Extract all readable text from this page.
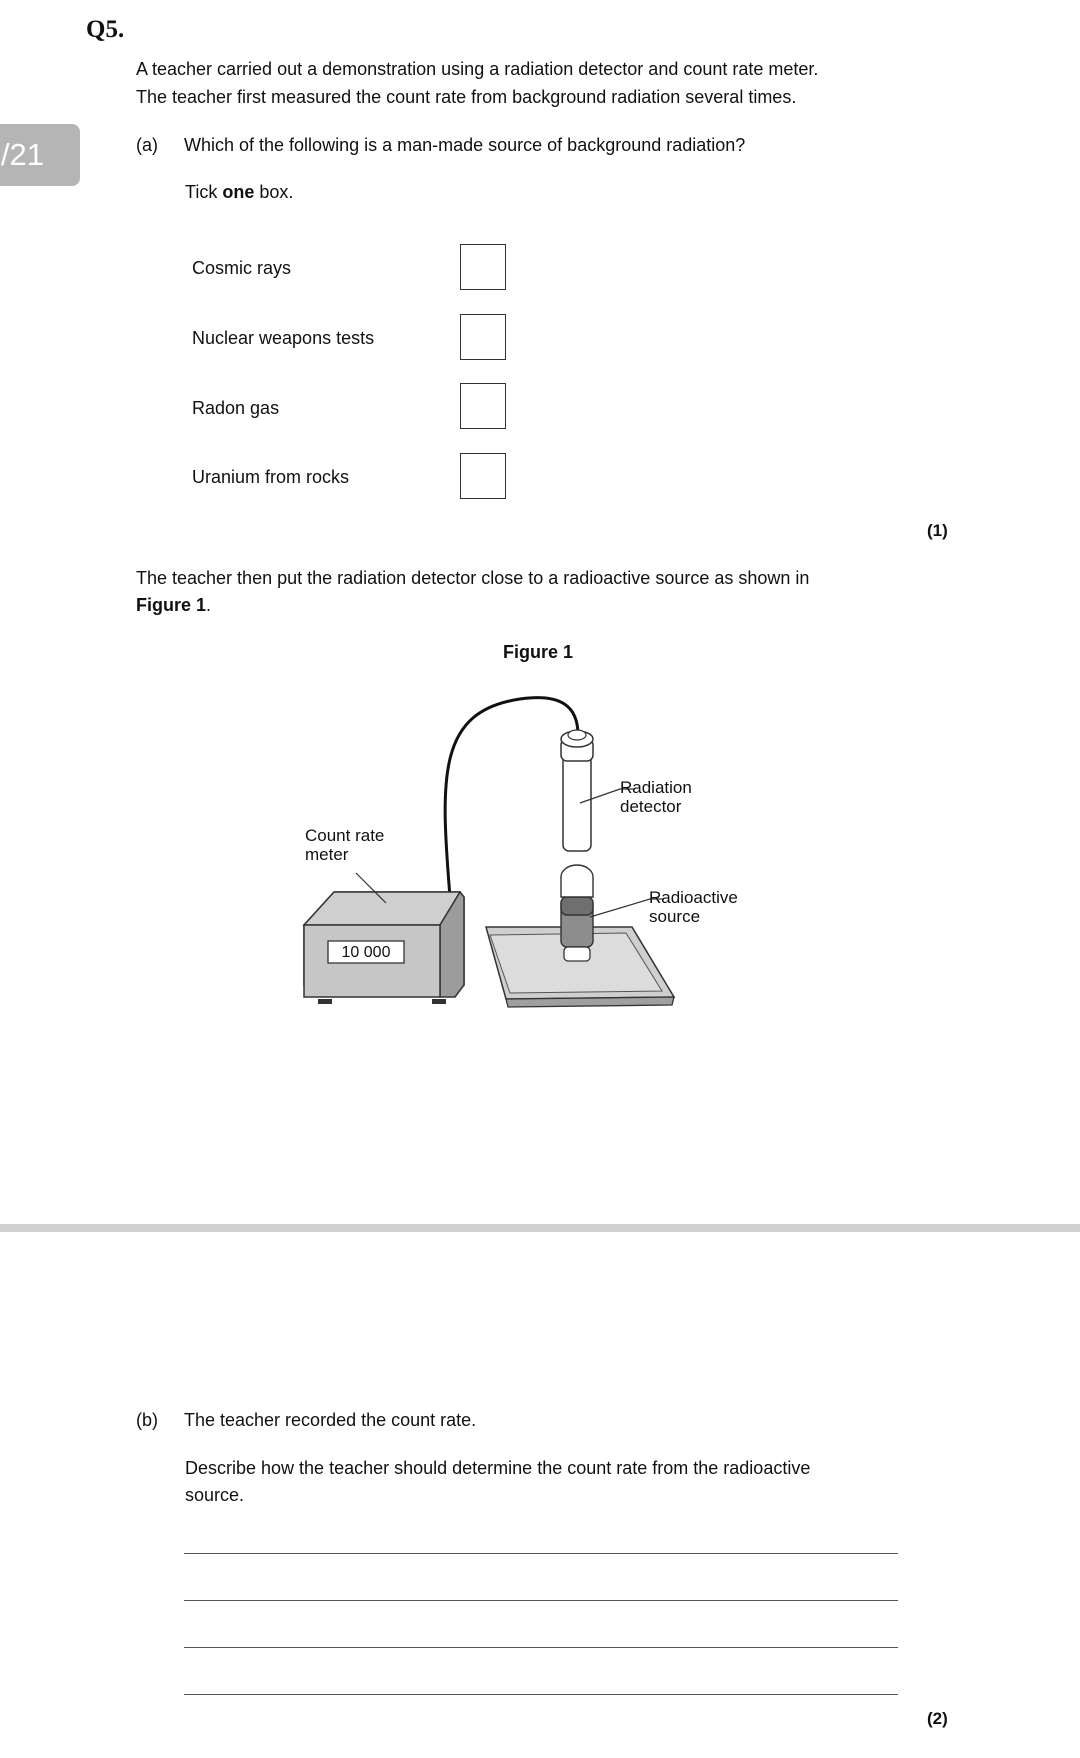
/21
Q5.
A teacher carried out a demonstration using a radiation detector and count rate meter.
The teacher first measured the count rate from background radiation several times.
(a) Which of the following is a man-made source of background radiation?
Tick one box.
Cosmic rays
Nuclear weapons tests
Radon gas
Uranium from rocks
(1)
The teacher then put the radiation detector close to a radioactive source as shown in
Figure 1.
Figure 1
Count rate
meter
10 000
Radiation
detector
Radioactive
source
(b) The teacher recorded the count rate.
Describe how the teacher should determine the count rate from the radioactive
source.
(2)
